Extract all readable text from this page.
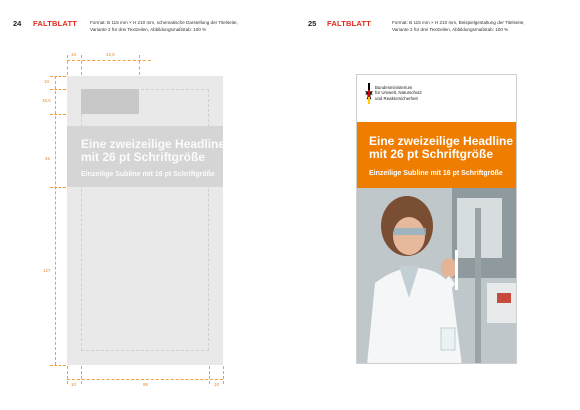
24 FALTBLATT	Format: B 115 mm × H 210 mm, schematische Darstellung der Titelseite,
Variante 2 für drei Textzeilen, Abbildungsmaßstab: 100 %
10	42,5
10
16,5
45
127
10	95	10
Eine zweizeilige Headline
mit 26 pt Schriftgröße
Einzeilige Subline mit 16 pt Schriftgröße
25 FALTBLATT	Format: B 115 mm × H 210 mm, Beispielgestaltung der Titelseite,
Variante 2 für drei Textzeilen, Abbildungsmaßstab: 100 %
Bundesministerium
für Umwelt, Naturschutz
und Reaktorsicherheit
Eine zweizeilige Headline
mit 26 pt Schriftgröße
Einzeilige Subline mit 16 pt Schriftgröße
